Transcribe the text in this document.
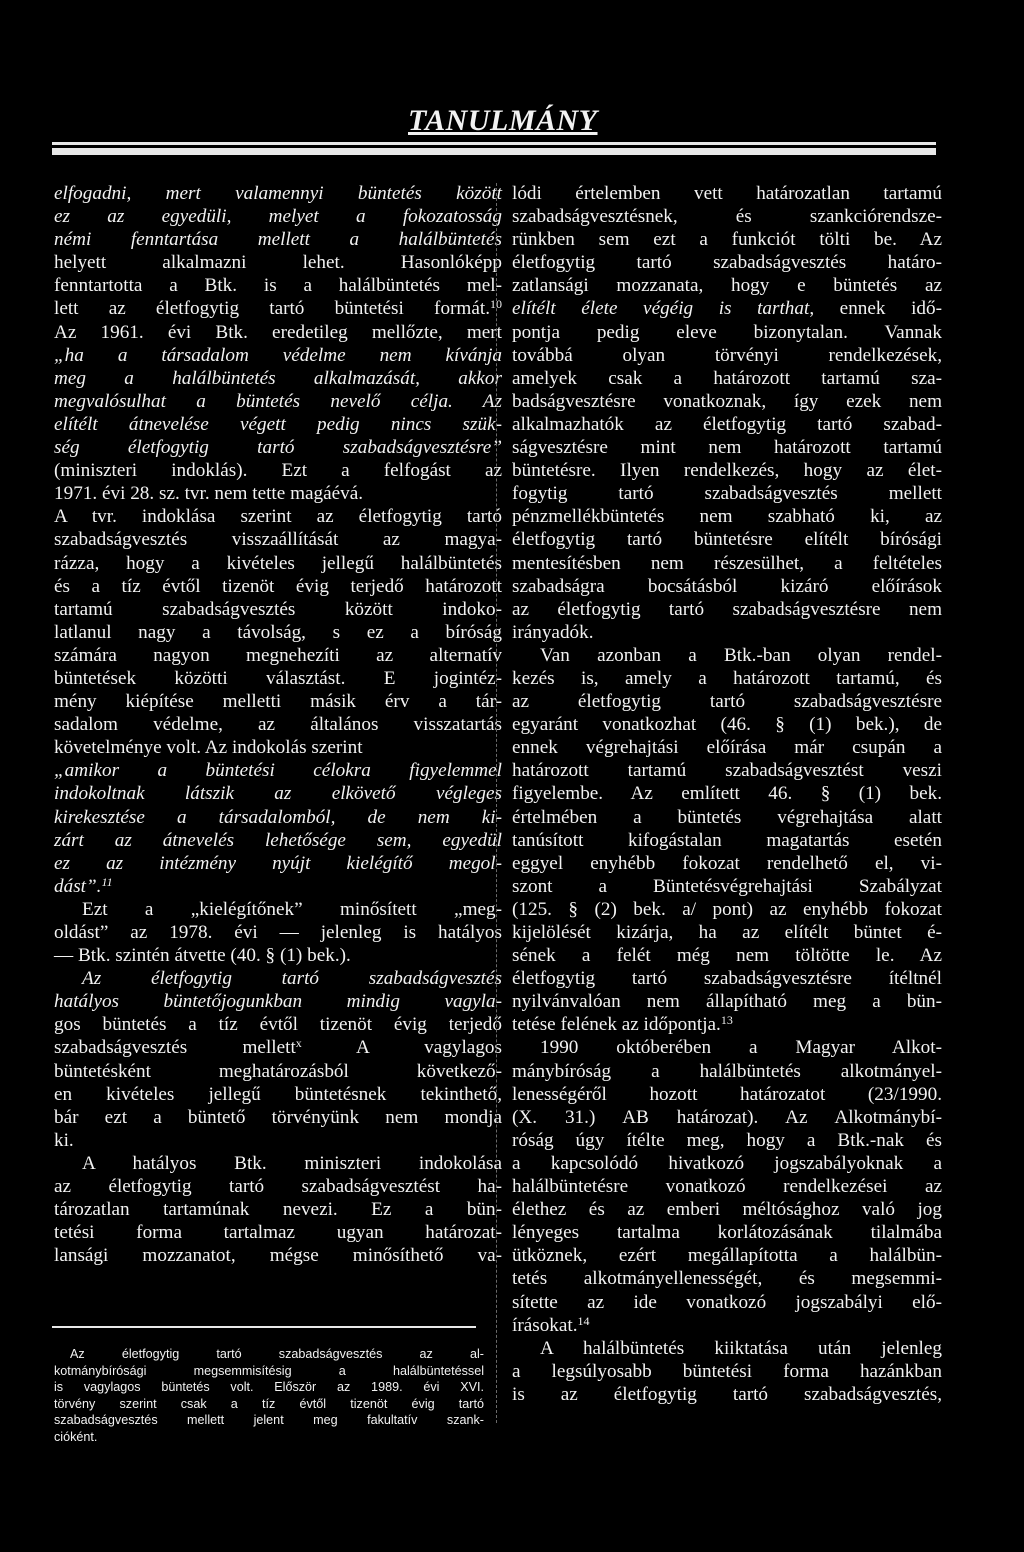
TANULMÁNY
elfogadni, mert valamennyi büntetés között
ez az egyedüli, melyet a fokozatosság
némi fenntartása mellett a halálbüntetés
helyett alkalmazni lehet. Hasonlóképp
fenntartotta a Btk. is a halálbüntetés mel-
lett az életfogytig tartó büntetési formát.$^{10}$
Az 1961. évi Btk. eredetileg mellőzte, mert
„ha a társadalom védelme nem kívánja
meg a halálbüntetés alkalmazását, akkor
megvalósulhat a büntetés nevelő célja. Az
elítélt átnevelése végett pedig nincs szük-
ség életfogytig tartó szabadságvesztésre”
(miniszteri indoklás). Ezt a felfogást az
1971. évi 28. sz. tvr. nem tette magáévá.
A tvr. indoklása szerint az életfogytig tartó
szabadságvesztés visszaállítását az magya-
rázza, hogy a kivételes jellegű halálbüntetés
és a tíz évtől tizenöt évig terjedő határozott
tartamú szabadságvesztés között indoko-
latlanul nagy a távolság, s ez a bíróság
számára nagyon megnehezíti az alternatív
büntetések közötti választást. E jogintéz-
mény kiépítése melletti másik érv a tár-
sadalom védelme, az általános visszatartás
követelménye volt. Az indokolás szerint
„amikor a büntetési célokra figyelemmel
indokoltnak látszik az elkövető végleges
kirekesztése a társadalomból, de nem ki-
zárt az átnevelés lehetősége sem, egyedül
ez az intézmény nyújt kielégítő megol-
dást”.$^{11}$
Ezt a „kielégítőnek” minősített „meg-
oldást” az 1978. évi — jelenleg is hatályos
— Btk. szintén átvette (40. § (1) bek.).
Az életfogytig tartó szabadságvesztés
hatályos büntetőjogunkban mindig vagyla-
gos büntetés a tíz évtől tizenöt évig terjedő
szabadságvesztés mellett$^x$ A vagylagos
büntetésként meghatározásból következő-
en kivételes jellegű büntetésnek tekinthető,
bár ezt a büntető törvényünk nem mondja
ki.
A hatályos Btk. miniszteri indokolása
az életfogytig tartó szabadságvesztést ha-
tározatlan tartamúnak nevezi. Ez a bün-
tetési forma tartalmaz ugyan határozat-
lansági mozzanatot, mégse minősíthető va-
lódi értelemben vett határozatlan tartamú
szabadságvesztésnek, és szankciórendsze-
rünkben sem ezt a funkciót tölti be. Az
életfogytig tartó szabadságvesztés határo-
zatlansági mozzanata, hogy e büntetés az
elítélt élete végéig is tarthat, ennek idő-
pontja pedig eleve bizonytalan. Vannak
továbbá olyan törvényi rendelkezések,
amelyek csak a határozott tartamú sza-
badságvesztésre vonatkoznak, így ezek nem
alkalmazhatók az életfogytig tartó szabad-
ságvesztésre mint nem határozott tartamú
büntetésre. Ilyen rendelkezés, hogy az élet-
fogytig tartó szabadságvesztés mellett
pénzmellékbüntetés nem szabható ki, az
életfogytig tartó büntetésre elítélt bírósági
mentesítésben nem részesülhet, a feltételes
szabadságra bocsátásból kizáró előírások
az életfogytig tartó szabadságvesztésre nem
irányadók.
Van azonban a Btk.-ban olyan rendel-
kezés is, amely a határozott tartamú, és
az életfogytig tartó szabadságvesztésre
egyaránt vonatkozhat (46. § (1) bek.), de
ennek végrehajtási előírása már csupán a
határozott tartamú szabadságvesztést veszi
figyelembe. Az említett 46. § (1) bek.
értelmében a büntetés végrehajtása alatt
tanúsított kifogástalan magatartás esetén
eggyel enyhébb fokozat rendelhető el, vi-
szont a Büntetésvégrehajtási Szabályzat
(125. § (2) bek. a/ pont) az enyhébb fokozat
kijelölését kizárja, ha az elítélt büntet é-
sének a felét még nem töltötte le. Az
életfogytig tartó szabadságvesztésre ítéltnél
nyilvánvalóan nem állapítható meg a bün-
tetése felének az időpontja.$^{13}$
1990 októberében a Magyar Alkot-
mánybíróság a halálbüntetés alkotmányel-
lenességéről hozott határozatot (23/1990.
(X. 31.) AB határozat). Az Alkotmánybí-
róság úgy ítélte meg, hogy a Btk.-nak és
a kapcsolódó hivatkozó jogszabályoknak a
halálbüntetésre vonatkozó rendelkezései az
élethez és az emberi méltósághoz való jog
lényeges tartalma korlátozásának tilalmába
ütköznek, ezért megállapította a halálbün-
tetés alkotmányellenességét, és megsemmi-
sítette az ide vonatkozó jogszabályi elő-
írásokat.$^{14}$
A halálbüntetés kiiktatása után jelenleg
a legsúlyosabb büntetési forma hazánkban
is az életfogytig tartó szabadságvesztés,
Az életfogytig tartó szabadságvesztés az al-
kotmánybírósági megsemmisítésig a halálbüntetéssel
is vagylagos büntetés volt. Először az 1989. évi XVI.
törvény szerint csak a tíz évtől tizenöt évig tartó
szabadságvesztés mellett jelent meg fakultatív szank-
cióként.
